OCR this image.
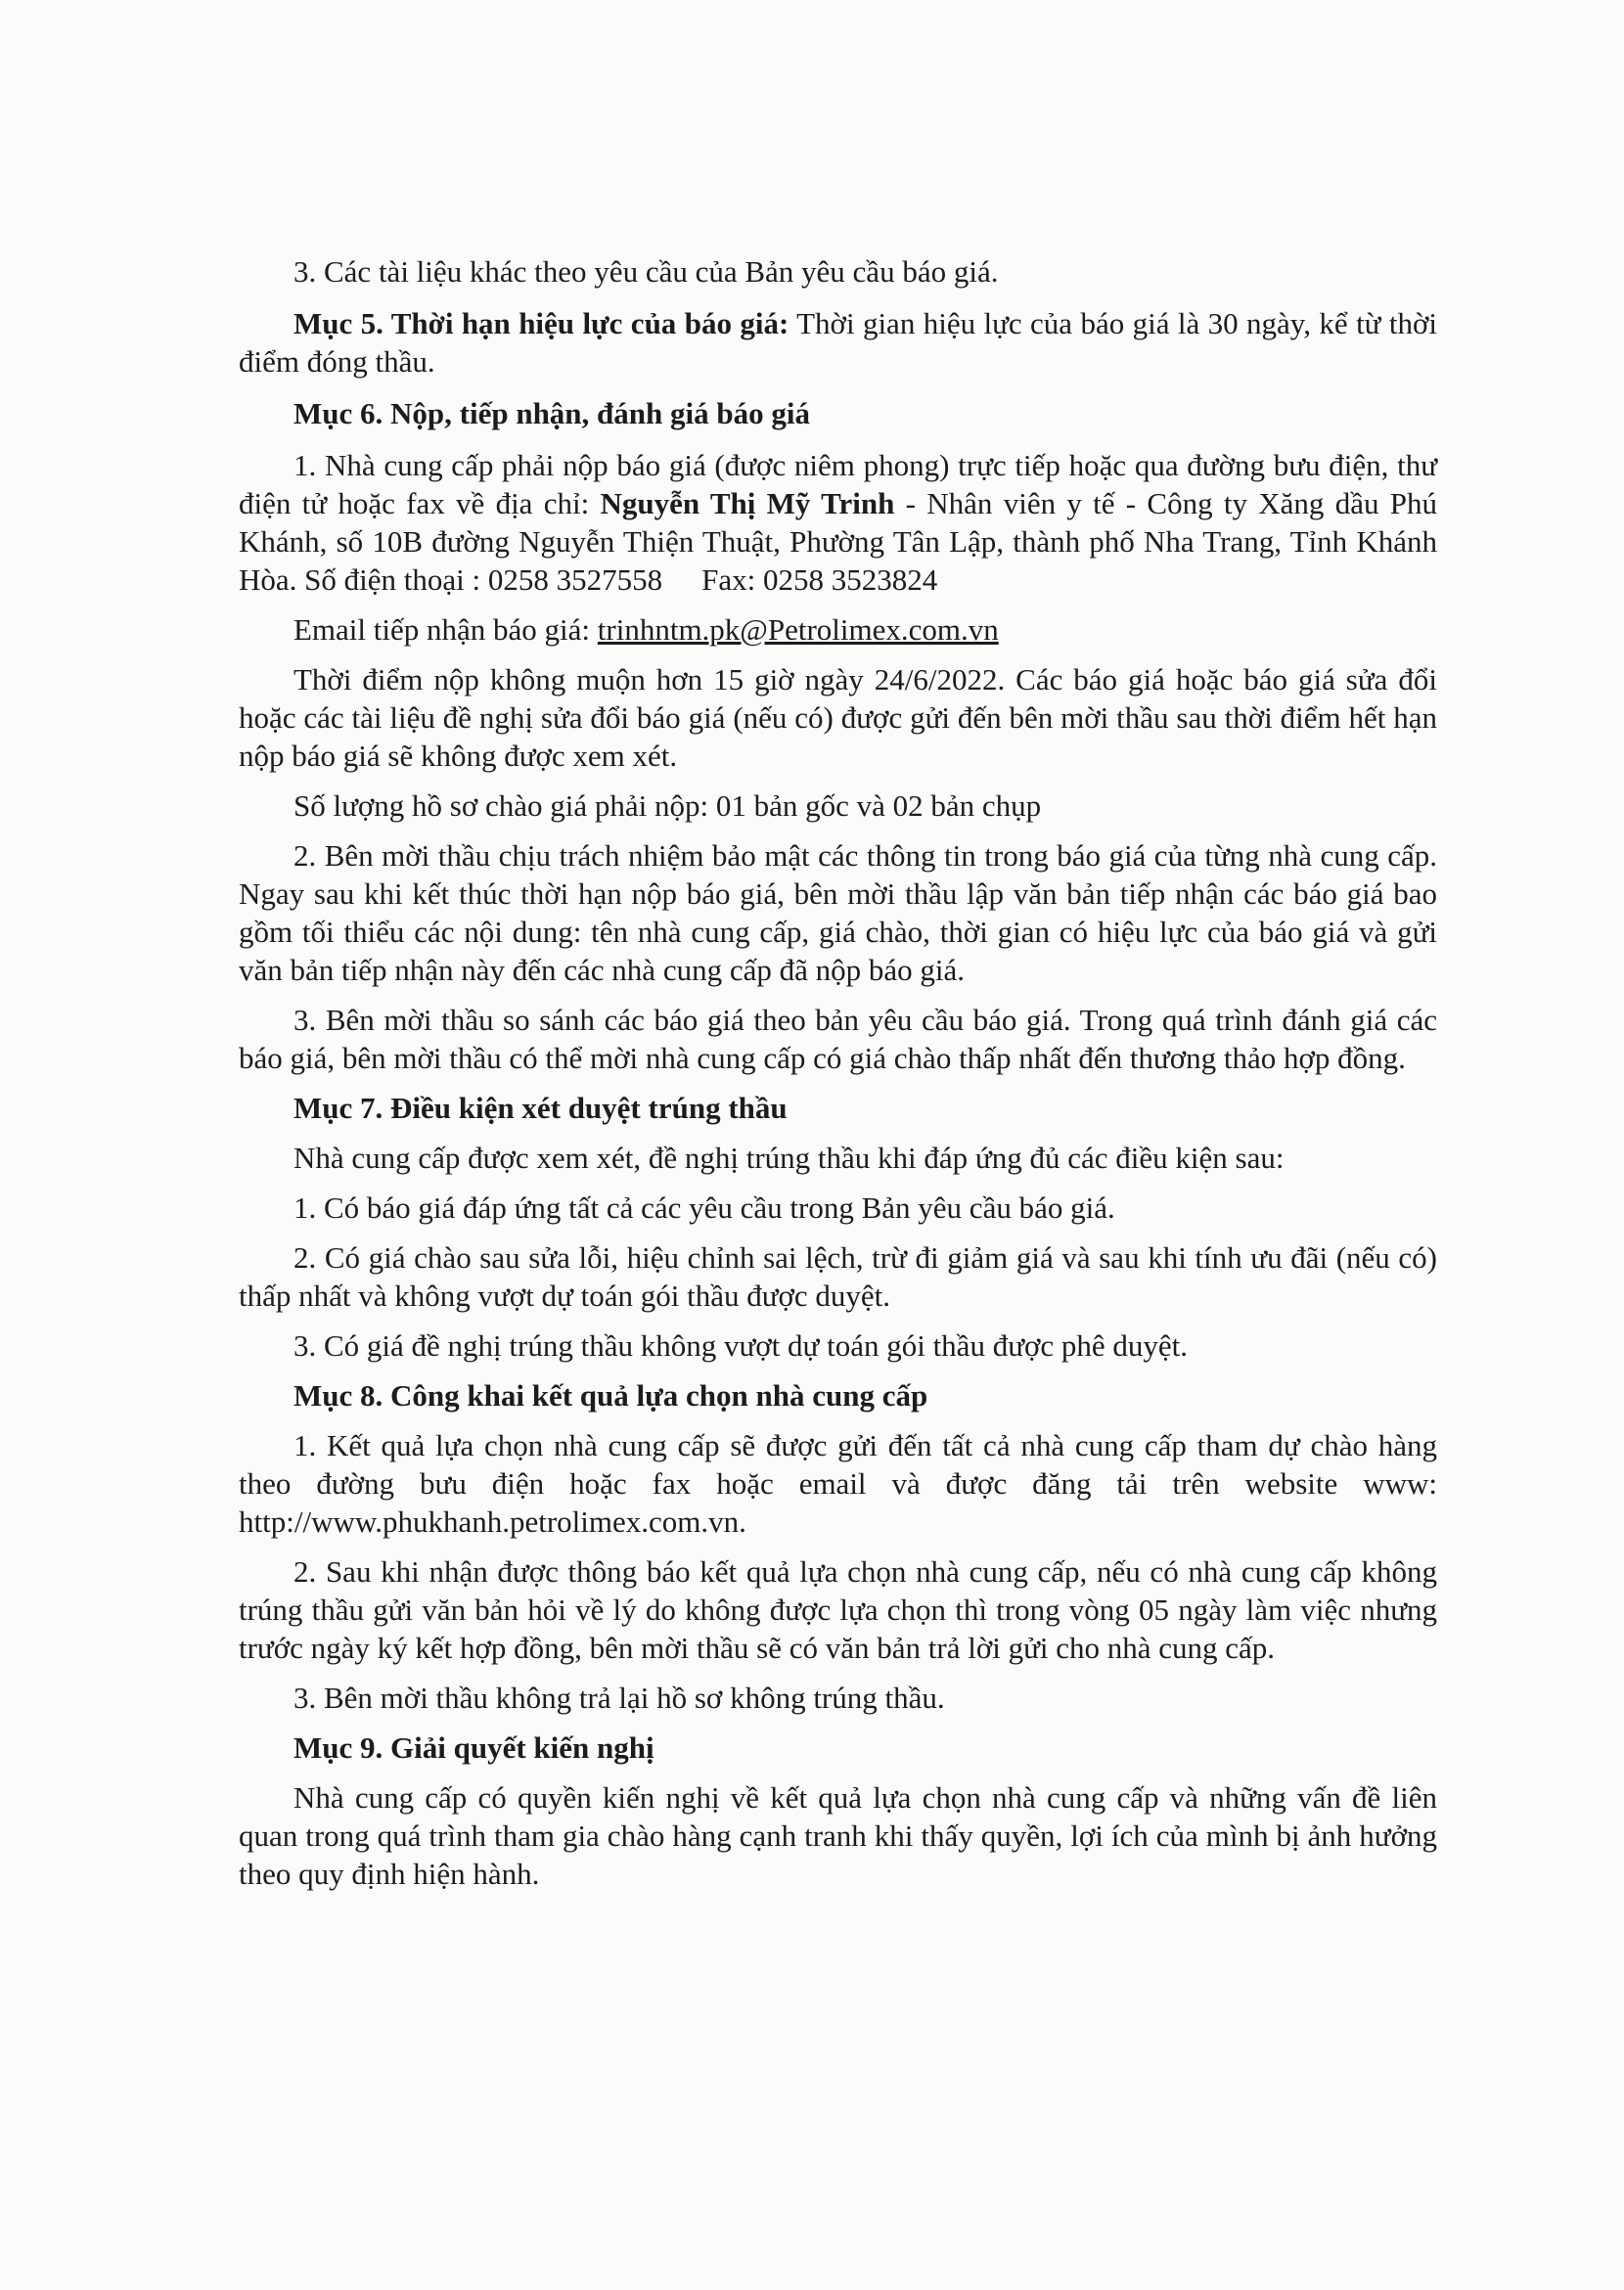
3. Các tài liệu khác theo yêu cầu của Bản yêu cầu báo giá.

Mục 5. Thời hạn hiệu lực của báo giá: Thời gian hiệu lực của báo giá là 30 ngày, kể từ thời điểm đóng thầu.

Mục 6. Nộp, tiếp nhận, đánh giá báo giá

1. Nhà cung cấp phải nộp báo giá (được niêm phong) trực tiếp hoặc qua đường bưu điện, thư điện tử hoặc fax về địa chỉ: Nguyễn Thị Mỹ Trinh - Nhân viên y tế - Công ty Xăng dầu Phú Khánh, số 10B đường Nguyễn Thiện Thuật, Phường Tân Lập, thành phố Nha Trang, Tỉnh Khánh Hòa. Số điện thoại : 0258 3527558 Fax: 0258 3523824

Email tiếp nhận báo giá: trinhntm.pk@Petrolimex.com.vn

Thời điểm nộp không muộn hơn 15 giờ ngày 24/6/2022. Các báo giá hoặc báo giá sửa đổi hoặc các tài liệu đề nghị sửa đổi báo giá (nếu có) được gửi đến bên mời thầu sau thời điểm hết hạn nộp báo giá sẽ không được xem xét.

Số lượng hồ sơ chào giá phải nộp: 01 bản gốc và 02 bản chụp

2. Bên mời thầu chịu trách nhiệm bảo mật các thông tin trong báo giá của từng nhà cung cấp. Ngay sau khi kết thúc thời hạn nộp báo giá, bên mời thầu lập văn bản tiếp nhận các báo giá bao gồm tối thiểu các nội dung: tên nhà cung cấp, giá chào, thời gian có hiệu lực của báo giá và gửi văn bản tiếp nhận này đến các nhà cung cấp đã nộp báo giá.

3. Bên mời thầu so sánh các báo giá theo bản yêu cầu báo giá. Trong quá trình đánh giá các báo giá, bên mời thầu có thể mời nhà cung cấp có giá chào thấp nhất đến thương thảo hợp đồng.

Mục 7. Điều kiện xét duyệt trúng thầu

Nhà cung cấp được xem xét, đề nghị trúng thầu khi đáp ứng đủ các điều kiện sau:

1. Có báo giá đáp ứng tất cả các yêu cầu trong Bản yêu cầu báo giá.

2. Có giá chào sau sửa lỗi, hiệu chỉnh sai lệch, trừ đi giảm giá và sau khi tính ưu đãi (nếu có) thấp nhất và không vượt dự toán gói thầu được duyệt.

3. Có giá đề nghị trúng thầu không vượt dự toán gói thầu được phê duyệt.

Mục 8. Công khai kết quả lựa chọn nhà cung cấp

1. Kết quả lựa chọn nhà cung cấp sẽ được gửi đến tất cả nhà cung cấp tham dự chào hàng theo đường bưu điện hoặc fax hoặc email và được đăng tải trên website www: http://www.phukhanh.petrolimex.com.vn.

2. Sau khi nhận được thông báo kết quả lựa chọn nhà cung cấp, nếu có nhà cung cấp không trúng thầu gửi văn bản hỏi về lý do không được lựa chọn thì trong vòng 05 ngày làm việc nhưng trước ngày ký kết hợp đồng, bên mời thầu sẽ có văn bản trả lời gửi cho nhà cung cấp.

3. Bên mời thầu không trả lại hồ sơ không trúng thầu.

Mục 9. Giải quyết kiến nghị

Nhà cung cấp có quyền kiến nghị về kết quả lựa chọn nhà cung cấp và những vấn đề liên quan trong quá trình tham gia chào hàng cạnh tranh khi thấy quyền, lợi ích của mình bị ảnh hưởng theo quy định hiện hành.
